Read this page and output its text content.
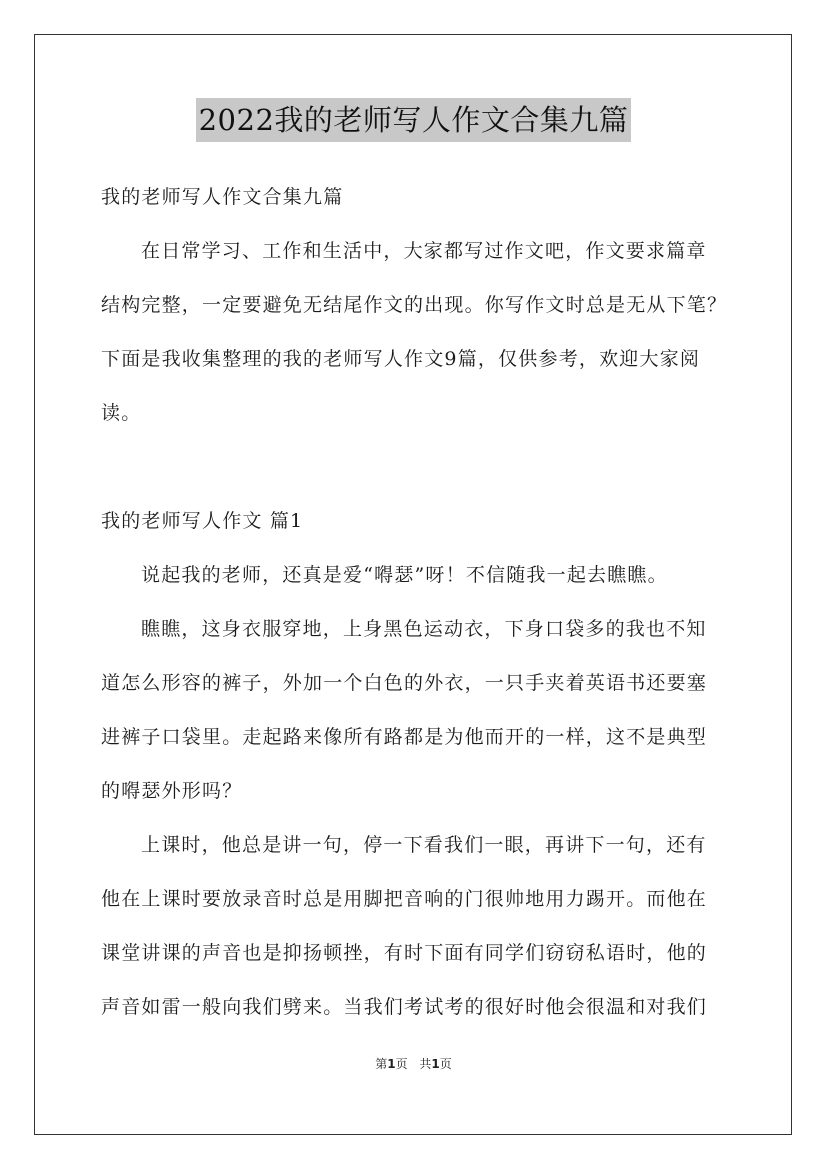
2022我的老师写人作文合集九篇
我的老师写人作文合集九篇
在日常学习、工作和生活中，大家都写过作文吧，作文要求篇章
结构完整，一定要避免无结尾作文的出现。你写作文时总是无从下笔？
下面是我收集整理的我的老师写人作文9篇，仅供参考，欢迎大家阅
读。
我的老师写人作文 篇1
说起我的老师，还真是爱“嘚瑟”呀！不信随我一起去瞧瞧。
瞧瞧，这身衣服穿地，上身黑色运动衣，下身口袋多的我也不知
道怎么形容的裤子，外加一个白色的外衣，一只手夹着英语书还要塞
进裤子口袋里。走起路来像所有路都是为他而开的一样，这不是典型
的嘚瑟外形吗？
上课时，他总是讲一句，停一下看我们一眼，再讲下一句，还有
他在上课时要放录音时总是用脚把音响的门很帅地用力踢开。而他在
课堂讲课的声音也是抑扬顿挫，有时下面有同学们窃窃私语时，他的
声音如雷一般向我们劈来。当我们考试考的很好时他会很温和对我们
第1页 共1页
